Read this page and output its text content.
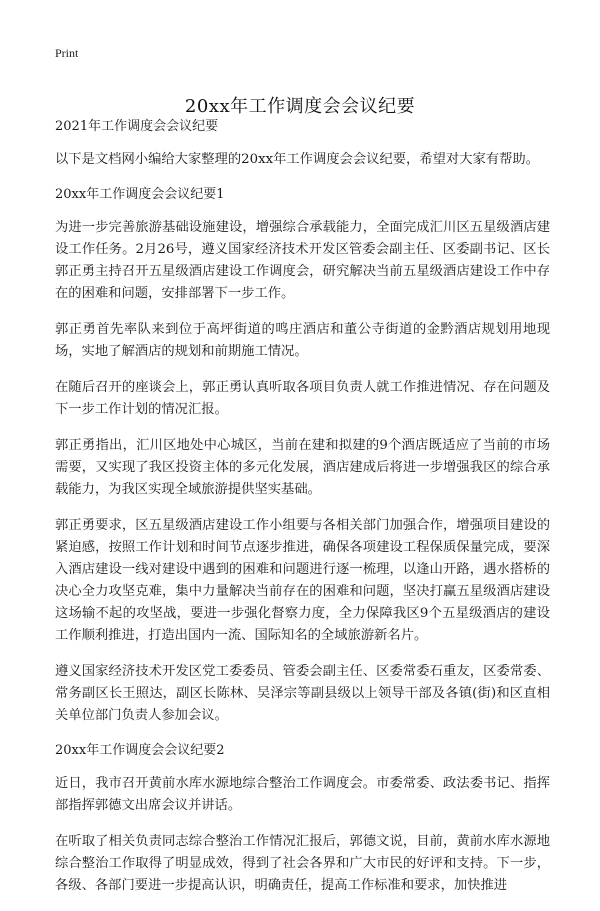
Print
20xx年工作调度会会议纪要
2021年工作调度会会议纪要
以下是文档网小编给大家整理的20xx年工作调度会会议纪要，希望对大家有帮助。
20xx年工作调度会会议纪要1
为进一步完善旅游基础设施建设，增强综合承载能力，全面完成汇川区五星级酒店建设工作任务。2月26号，遵义国家经济技术开发区管委会副主任、区委副书记、区长郭正勇主持召开五星级酒店建设工作调度会，研究解决当前五星级酒店建设工作中存在的困难和问题，安排部署下一步工作。
郭正勇首先率队来到位于高坪街道的鸣庄酒店和董公寺街道的金黔酒店规划用地现场，实地了解酒店的规划和前期施工情况。
在随后召开的座谈会上，郭正勇认真听取各项目负责人就工作推进情况、存在问题及下一步工作计划的情况汇报。
郭正勇指出，汇川区地处中心城区，当前在建和拟建的9个酒店既适应了当前的市场需要，又实现了我区投资主体的多元化发展，酒店建成后将进一步增强我区的综合承载能力，为我区实现全域旅游提供坚实基础。
郭正勇要求，区五星级酒店建设工作小组要与各相关部门加强合作，增强项目建设的紧迫感，按照工作计划和时间节点逐步推进，确保各项建设工程保质保量完成，要深入酒店建设一线对建设中遇到的困难和问题进行逐一梳理，以逢山开路，遇水搭桥的决心全力攻坚克难，集中力量解决当前存在的困难和问题，坚决打赢五星级酒店建设这场输不起的攻坚战，要进一步强化督察力度，全力保障我区9个五星级酒店的建设工作顺利推进，打造出国内一流、国际知名的全域旅游新名片。
遵义国家经济技术开发区党工委委员、管委会副主任、区委常委石重友，区委常委、常务副区长王照达，副区长陈林、吴泽宗等副县级以上领导干部及各镇(街)和区直相关单位部门负责人参加会议。
20xx年工作调度会会议纪要2
近日，我市召开黄前水库水源地综合整治工作调度会。市委常委、政法委书记、指挥部指挥郭德文出席会议并讲话。
在听取了相关负责同志综合整治工作情况汇报后，郭德文说，目前，黄前水库水源地综合整治工作取得了明显成效，得到了社会各界和广大市民的好评和支持。下一步，各级、各部门要进一步提高认识，明确责任，提高工作标准和要求，加快推进
